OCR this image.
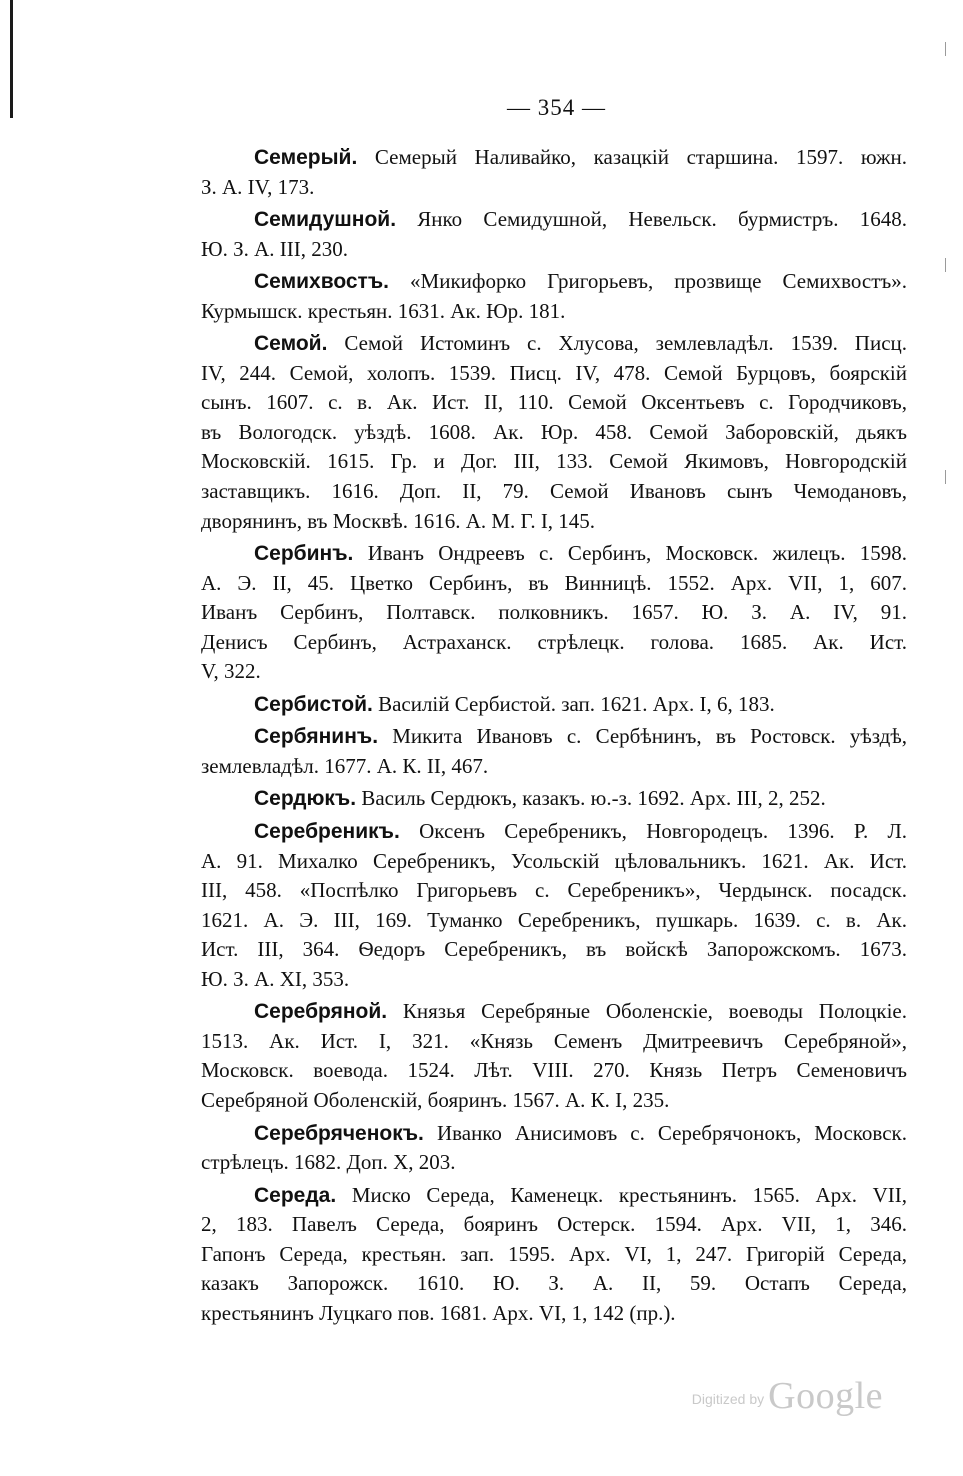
— 354 —
Семерый. Семерый Наливайко, казацкій старшина. 1597. южн.
З. А. IV, 173.
Семидушной. Янко Семидушной, Невельск. бурмистръ. 1648.
Ю. З. А. III, 230.
Семихвостъ. «Микифорко Григорьевъ, прозвище Семихвостъ».
Курмышск. крестьян. 1631. Ак. Юр. 181.
Семой. Семой Истоминъ с. Хлусова, землевладѣл. 1539. Писц.
IV, 244. Семой, холопъ. 1539. Писц. IV, 478. Семой Бурцовъ, боярскій
сынъ. 1607. с. в. Ак. Ист. II, 110. Семой Оксентьевъ с. Городчиковъ,
въ Вологодск. уѣздѣ. 1608. Ак. Юр. 458. Семой Заборовскій, дьякъ
Московскій. 1615. Гр. и Дог. III, 133. Семой Якимовъ, Новгородскій
заставщикъ. 1616. Доп. II, 79. Семой Ивановъ сынъ Чемодановъ,
дворянинъ, въ Москвѣ. 1616. А. М. Г. I, 145.
Сербинъ. Иванъ Ондреевъ с. Сербинъ, Московск. жилецъ. 1598.
А. Э. II, 45. Цветко Сербинъ, въ Винницѣ. 1552. Арх. VII, 1, 607.
Иванъ Сербинъ, Полтавск. полковникъ. 1657. Ю. З. А. IV, 91.
Денисъ Сербинъ, Астраханск. стрѣлецк. голова. 1685. Ак. Ист.
V, 322.
Сербистой. Василій Сербистой. зап. 1621. Арх. I, 6, 183.
Сербянинъ. Микита Ивановъ с. Сербѣнинъ, въ Ростовск. уѣздѣ,
землевладѣл. 1677. А. К. II, 467.
Сердюкъ. Василь Сердюкъ, казакъ. ю.-з. 1692. Арх. III, 2, 252.
Серебреникъ. Оксенъ Серебреникъ, Новгородецъ. 1396. Р. Л.
А. 91. Михалко Серебреникъ, Усольскій цѣловальникъ. 1621. Ак. Ист.
III, 458. «Поспѣлко Григорьевъ с. Серебреникъ», Чердынск. посадск.
1621. А. Э. III, 169. Туманко Серебреникъ, пушкарь. 1639. с. в. Ак.
Ист. III, 364. Ѳедоръ Серебреникъ, въ войскѣ Запорожскомъ. 1673.
Ю. З. А. XI, 353.
Серебряной. Князья Серебряные Оболенскіе, воеводы Полоцкіе.
1513. Ак. Ист. I, 321. «Князь Семенъ Дмитреевичъ Серебряной»,
Московск. воевода. 1524. Лѣт. VIII. 270. Князь Петръ Семеновичъ
Серебряной Оболенскій, бояринъ. 1567. А. К. I, 235.
Серебряченокъ. Иванко Анисимовъ с. Серебрячонокъ, Московск.
стрѣлецъ. 1682. Доп. X, 203.
Середа. Миско Середа, Каменецк. крестьянинъ. 1565. Арх. VII,
2, 183. Павелъ Середа, бояринъ Остерск. 1594. Арх. VII, 1, 346.
Гапонъ Середа, крестьян. зап. 1595. Арх. VI, 1, 247. Григорій Середа,
казакъ Запорожск. 1610. Ю. З. А. II, 59. Остапъ Середа,
крестьянинъ Луцкаго пов. 1681. Арх. VI, 1, 142 (пр.).
Digitized by Google
